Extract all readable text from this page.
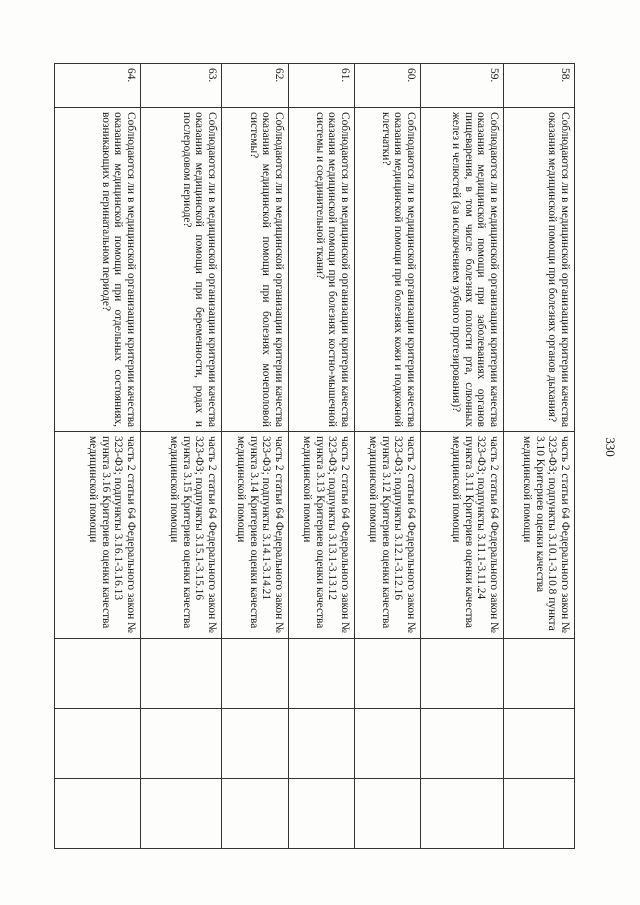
330
58.	Соблюдаются ли в медицинской организации критерии качества оказания медицинской помощи при болезнях органов дыхания?	часть 2 статьи 64 Федерального закон № 323-ФЗ; подпункты 3.10.1-3.10.8 пункта 3.10 Критериев оценки качества медицинской помощи			
59.	Соблюдаются ли в медицинской организации критерии качества оказания медицинской помощи при заболеваниях органов пищеварения, в том числе болезнях полости рта, слюнных желез и челюстей (за исключением зубного протезирования)?	часть 2 статьи 64 Федерального закон № 323-ФЗ; подпункты 3.11.1-3.11.24 пункта 3.11 Критериев оценки качества медицинской помощи			
60.	Соблюдаются ли в медицинской организации критерии качества оказания медицинской помощи при болезнях кожи и подкожной клетчатки?	часть 2 статьи 64 Федерального закон № 323-ФЗ; подпункты 3.12.1-3.12.16 пункта 3.12 Критериев оценки качества медицинской помощи			
61.	Соблюдаются ли в медицинской организации критерии качества оказания медицинской помощи при болезнях костно-мышечной системы и соединительной ткани?	часть 2 статьи 64 Федерального закон № 323-ФЗ; подпункты 3.13.1-3.13.12 пункта 3.13 Критериев оценки качества медицинской помощи			
62.	Соблюдаются ли в медицинской организации критерии качества оказания медицинской помощи при болезнях мочеполовой системы?	часть 2 статьи 64 Федерального закон № 323-ФЗ; подпункты 3.14.1-3.14.21 пункта 3.14 Критериев оценки качества медицинской помощи			
63.	Соблюдаются ли в медицинской организации критерии качества оказания медицинской помощи при беременности, родах и послеродовом периоде?	часть 2 статьи 64 Федерального закон № 323-ФЗ; подпункты 3.15.1-3.15.16 пункта 3.15 Критериев оценки качества медицинской помощи			
64.	Соблюдаются ли в медицинской организации критерии качества оказания медицинской помощи при отдельных состояниях, возникающих в перинатальном периоде?	часть 2 статьи 64 Федерального закон № 323-ФЗ; подпункты 3.16.1-3.16.13 пункта 3.16 Критериев оценки качества медицинской помощи			
